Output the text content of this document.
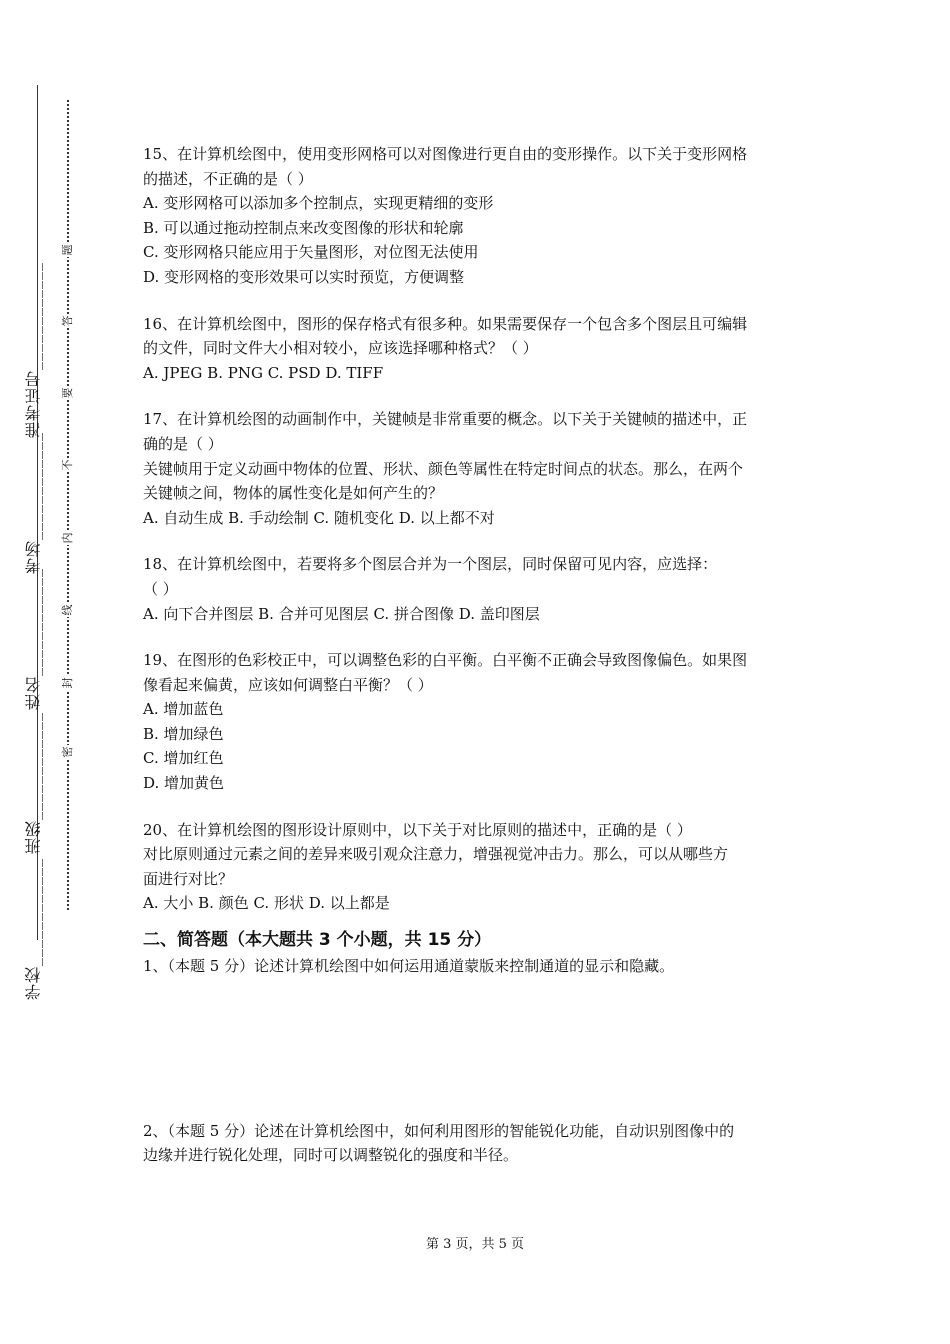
学校____________
班级____________
姓名____________
考场____________
准考证号____________
密
封
线
内
不
要
答
题

15、在计算机绘图中，使用变形网格可以对图像进行更自由的变形操作。以下关于变形网格

的描述，不正确的是（ ）

A. 变形网格可以添加多个控制点，实现更精细的变形

B. 可以通过拖动控制点来改变图像的形状和轮廓

C. 变形网格只能应用于矢量图形，对位图无法使用

D. 变形网格的变形效果可以实时预览，方便调整

16、在计算机绘图中，图形的保存格式有很多种。如果需要保存一个包含多个图层且可编辑

的文件，同时文件大小相对较小，应该选择哪种格式？（ ）

A. JPEG B. PNG C. PSD D. TIFF

17、在计算机绘图的动画制作中，关键帧是非常重要的概念。以下关于关键帧的描述中，正

确的是（ ）

关键帧用于定义动画中物体的位置、形状、颜色等属性在特定时间点的状态。那么，在两个

关键帧之间，物体的属性变化是如何产生的？

A. 自动生成 B. 手动绘制 C. 随机变化 D. 以上都不对

18、在计算机绘图中，若要将多个图层合并为一个图层，同时保留可见内容，应选择：

（ ）

A. 向下合并图层 B. 合并可见图层 C. 拼合图像 D. 盖印图层

19、在图形的色彩校正中，可以调整色彩的白平衡。白平衡不正确会导致图像偏色。如果图

像看起来偏黄，应该如何调整白平衡？（ ）

A. 增加蓝色

B. 增加绿色

C. 增加红色

D. 增加黄色

20、在计算机绘图的图形设计原则中，以下关于对比原则的描述中，正确的是（ ）

对比原则通过元素之间的差异来吸引观众注意力，增强视觉冲击力。那么，可以从哪些方

面进行对比？

A. 大小 B. 颜色 C. 形状 D. 以上都是

二、简答题（本大题共 3 个小题，共 15 分）

1、（本题 5 分）论述计算机绘图中如何运用通道蒙版来控制通道的显示和隐藏。

2、（本题 5 分）论述在计算机绘图中，如何利用图形的智能锐化功能，自动识别图像中的

边缘并进行锐化处理，同时可以调整锐化的强度和半径。

第 3 页，共 5 页
